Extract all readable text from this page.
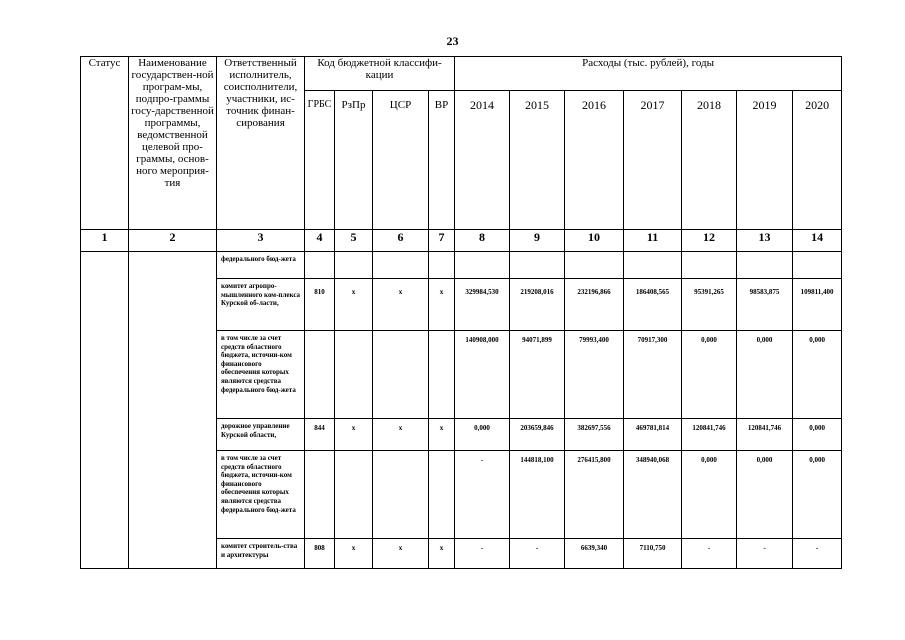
23
Статус	Наименование государствен-ной програм-мы, подпро-граммы госу-дарственной программы, ведомственной целевой про-граммы, основ-ного мероприя-тия	Ответственный исполнитель, соисполнители, участники, ис-точник финан-сирования	Код бюджетной классифи-кации				Расходы (тыс. рублей), годы						
			ГРБС	РзПр	ЦСР	ВР	2014	2015	2016	2017	2018	2019	2020
1	2	3	4	5	6	7	8	9	10	11	12	13	14
		федерального бюд-жета											
		комитет агропро-мышленного ком-плекса Курской об-ласти,	810	х	х	х	329984,530	219208,016	232196,866	186408,565	95391,265	98583,875	109811,400
		в том числе за счет средств областного бюджета, источни-ком финансового обеспечения которых являются средства федерального бюд-жета					140908,000	94071,899	79993,400	70917,300	0,000	0,000	0,000
		дорожное управление Курской области,	844	х	х	х	0,000	203659,846	382697,556	469781,814	120841,746	120841,746	0,000
		в том числе за счет средств областного бюджета, источни-ком финансового обеспечения которых являются средства федерального бюд-жета					-	144818,100	276415,800	348940,068	0,000	0,000	0,000
		комитет строитель-ства и архитектуры	808	х	х	х	-	-	6639,340	7110,750	-	-	-
